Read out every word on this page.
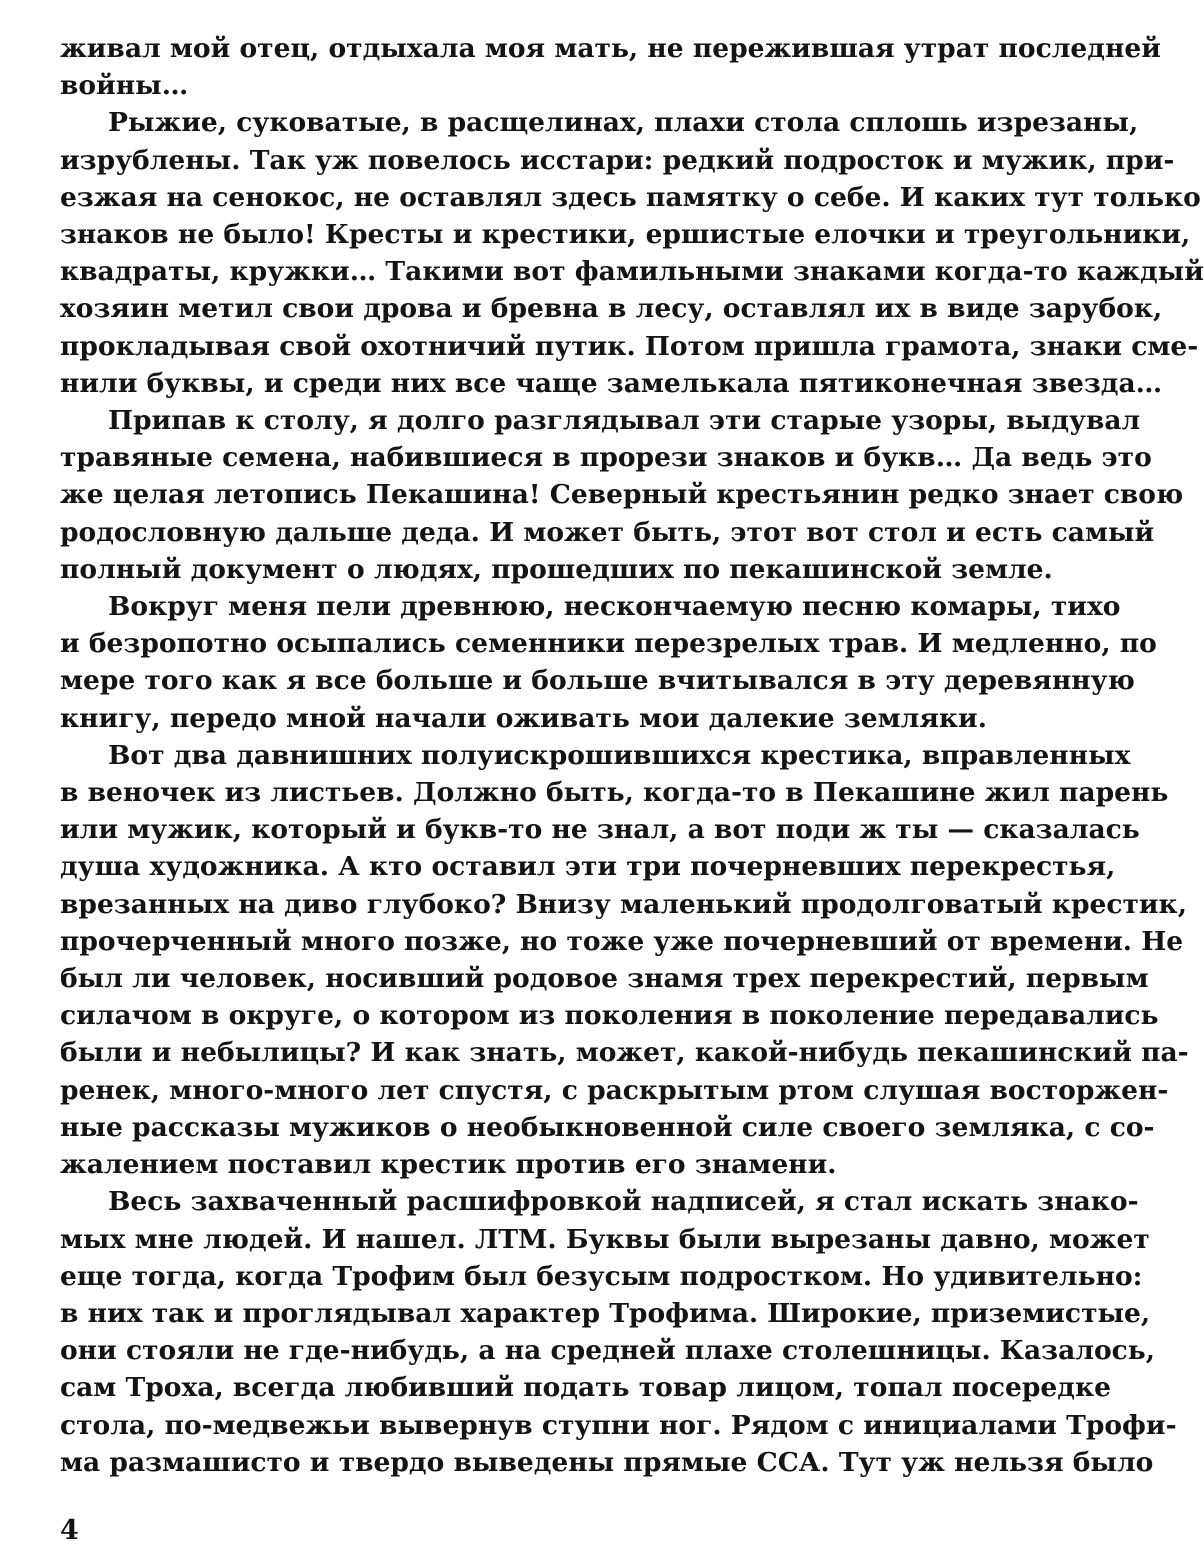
живал мой отец, отдыхала моя мать, не пережившая утрат последней
войны…
Рыжие, суковатые, в расщелинах, плахи стола сплошь изрезаны,
изрублены. Так уж повелось исстари: редкий подросток и мужик, при-
езжая на сенокос, не оставлял здесь памятку о себе. И каких тут только
знаков не было! Кресты и крестики, ершистые елочки и треугольники,
квадраты, кружки… Такими вот фамильными знаками когда-то каждый
хозяин метил свои дрова и бревна в лесу, оставлял их в виде зарубок,
прокладывая свой охотничий путик. Потом пришла грамота, знаки сме-
нили буквы, и среди них все чаще замелькала пятиконечная звезда…
Припав к столу, я долго разглядывал эти старые узоры, выдувал
травяные семена, набившиеся в прорези знаков и букв… Да ведь это
же целая летопись Пекашина! Северный крестьянин редко знает свою
родословную дальше деда. И может быть, этот вот стол и есть самый
полный документ о людях, прошедших по пекашинской земле.
Вокруг меня пели древнюю, нескончаемую песню комары, тихо
и безропотно осыпались семенники перезрелых трав. И медленно, по
мере того как я все больше и больше вчитывался в эту деревянную
книгу, передо мной начали оживать мои далекие земляки.
Вот два давнишних полуискрошившихся крестика, вправленных
в веночек из листьев. Должно быть, когда-то в Пекашине жил парень
или мужик, который и букв-то не знал, а вот поди ж ты — сказалась
душа художника. А кто оставил эти три почерневших перекрестья,
врезанных на диво глубоко? Внизу маленький продолговатый крестик,
прочерченный много позже, но тоже уже почерневший от времени. Не
был ли человек, носивший родовое знамя трех перекрестий, первым
силачом в округе, о котором из поколения в поколение передавались
были и небылицы? И как знать, может, какой-нибудь пекашинский па-
ренек, много-много лет спустя, с раскрытым ртом слушая восторжен-
ные рассказы мужиков о необыкновенной силе своего земляка, с со-
жалением поставил крестик против его знамени.
Весь захваченный расшифровкой надписей, я стал искать знако-
мых мне людей. И нашел. ЛТМ. Буквы были вырезаны давно, может
еще тогда, когда Трофим был безусым подростком. Но удивительно:
в них так и проглядывал характер Трофима. Широкие, приземистые,
они стояли не где-нибудь, а на средней плахе столешницы. Казалось,
сам Троха, всегда любивший подать товар лицом, топал посередке
стола, по-медвежьи вывернув ступни ног. Рядом с инициалами Трофи-
ма размашисто и твердо выведены прямые ССА. Тут уж нельзя было
4
